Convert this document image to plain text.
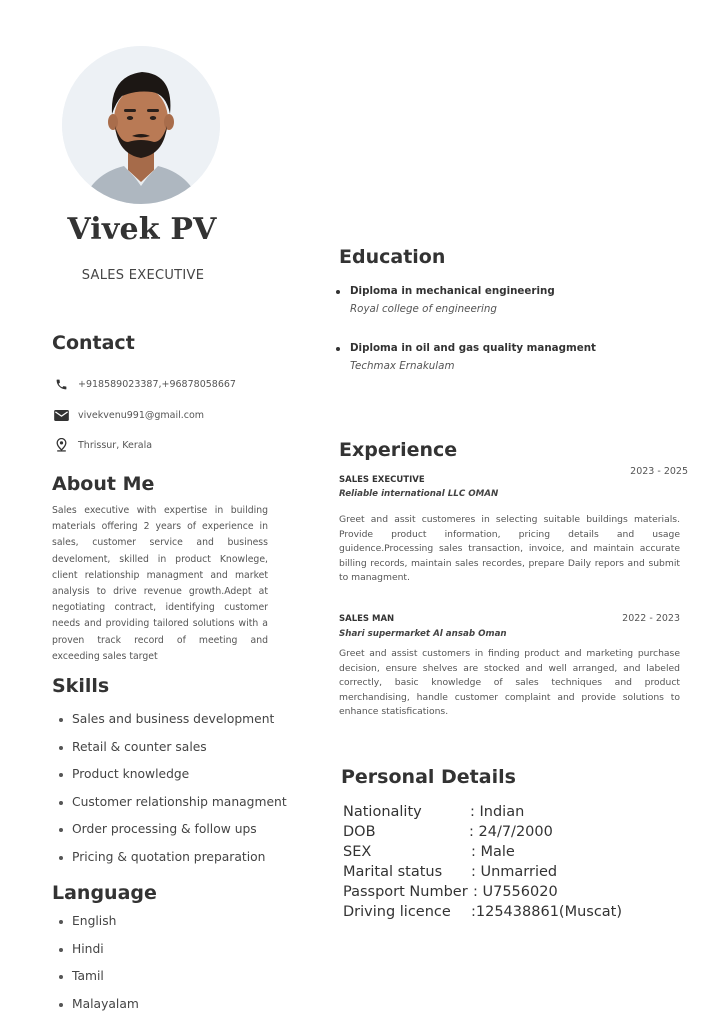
Vivek PV
SALES EXECUTIVE
Contact
+918589023387,+96878058667
vivekvenu991@gmail.com
Thrissur, Kerala
About Me
Sales executive with expertise in building materials offering 2 years of experience in sales, customer service and business develoment, skilled in product Knowlege, client relationship managment and market analysis to drive revenue growth.Adept at negotiating contract, identifying customer needs and providing tailored solutions with a proven track record of meeting and exceeding sales target
Skills
Sales and business development
Retail & counter sales
Product knowledge
Customer relationship managment
Order processing & follow ups
Pricing & quotation preparation
Language
English
Hindi
Tamil
Malayalam
Education
Diploma in mechanical engineering
Royal college of engineering
Diploma in oil and gas quality managment
Techmax Ernakulam
Experience
2023 - 2025
SALES EXECUTIVE
Reliable international LLC OMAN
Greet and assit customeres in selecting suitable buildings materials. Provide product information, pricing details and usage guidence.Processing sales transaction, invoice, and maintain accurate billing records, maintain sales recordes, prepare Daily repors and submit to managment.
2022 - 2023
SALES MAN
Shari supermarket Al ansab Oman
Greet and assist customers in finding product and marketing purchase decision, ensure shelves are stocked and well arranged, and labeled correctly, basic knowledge of sales techniques and product merchandising, handle customer complaint and provide solutions to enhance statisfications.
Personal Details
Nationality	: Indian
DOB	: 24/7/2000
SEX	: Male
Marital status	: Unmarried
Passport Number : U7556020
Driving licence	:125438861(Muscat)
